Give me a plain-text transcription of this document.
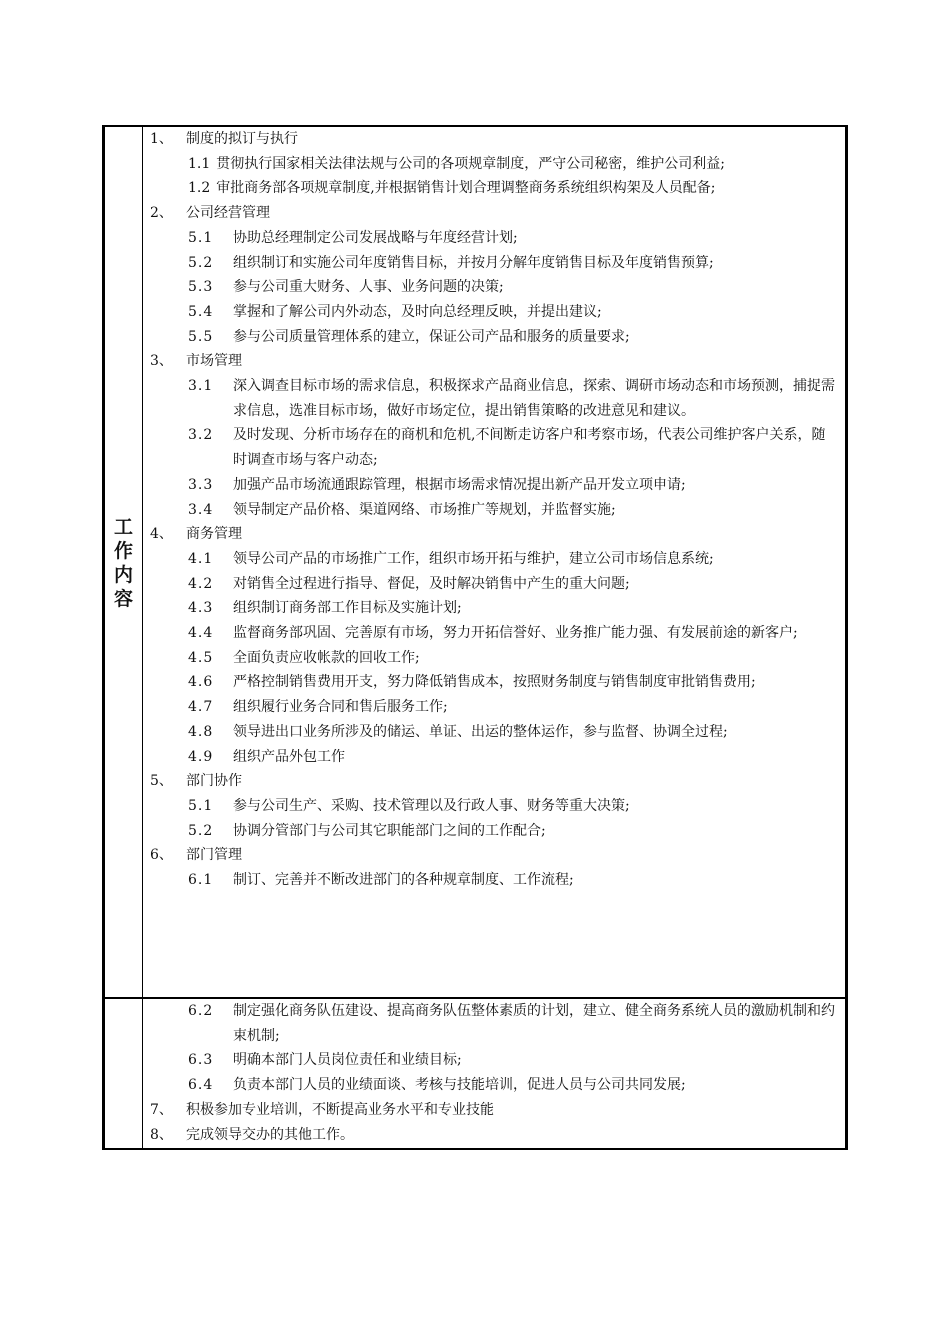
工
作
内
容
1、 制度的拟订与执行
1.1 贯彻执行国家相关法律法规与公司的各项规章制度，严守公司秘密，维护公司利益;
1.2 审批商务部各项规章制度,并根据销售计划合理调整商务系统组织构架及人员配备;
2、 公司经营管理
5.1	协助总经理制定公司发展战略与年度经营计划;
5.2	组织制订和实施公司年度销售目标，并按月分解年度销售目标及年度销售预算;
5.3	参与公司重大财务、人事、业务问题的决策;
5.4	掌握和了解公司内外动态，及时向总经理反映，并提出建议;
5.5	参与公司质量管理体系的建立，保证公司产品和服务的质量要求;
3、 市场管理
3.1	深入调查目标市场的需求信息，积极探求产品商业信息，探索、调研市场动态和市场预测，捕捉需求信息，选准目标市场，做好市场定位，提出销售策略的改进意见和建议。
3.2	及时发现、分析市场存在的商机和危机,不间断走访客户和考察市场，代表公司维护客户关系，随时调查市场与客户动态;
3.3	加强产品市场流通跟踪管理，根据市场需求情况提出新产品开发立项申请;
3.4	领导制定产品价格、渠道网络、市场推广等规划，并监督实施;
4、 商务管理
4.1	领导公司产品的市场推广工作，组织市场开拓与维护，建立公司市场信息系统;
4.2	对销售全过程进行指导、督促，及时解决销售中产生的重大问题;
4.3	组织制订商务部工作目标及实施计划;
4.4	监督商务部巩固、完善原有市场，努力开拓信誉好、业务推广能力强、有发展前途的新客户;
4.5	全面负责应收帐款的回收工作;
4.6	严格控制销售费用开支，努力降低销售成本，按照财务制度与销售制度审批销售费用;
4.7	组织履行业务合同和售后服务工作;
4.8	领导进出口业务所涉及的储运、单证、出运的整体运作，参与监督、协调全过程;
4.9	组织产品外包工作
5、 部门协作
5.1	参与公司生产、采购、技术管理以及行政人事、财务等重大决策;
5.2	协调分管部门与公司其它职能部门之间的工作配合;
6、 部门管理
6.1	制订、完善并不断改进部门的各种规章制度、工作流程;
6.2	制定强化商务队伍建设、提高商务队伍整体素质的计划，建立、健全商务系统人员的激励机制和约束机制;
6.3	明确本部门人员岗位责任和业绩目标;
6.4	负责本部门人员的业绩面谈、考核与技能培训，促进人员与公司共同发展;
7、 积极参加专业培训，不断提高业务水平和专业技能
8、 完成领导交办的其他工作。
